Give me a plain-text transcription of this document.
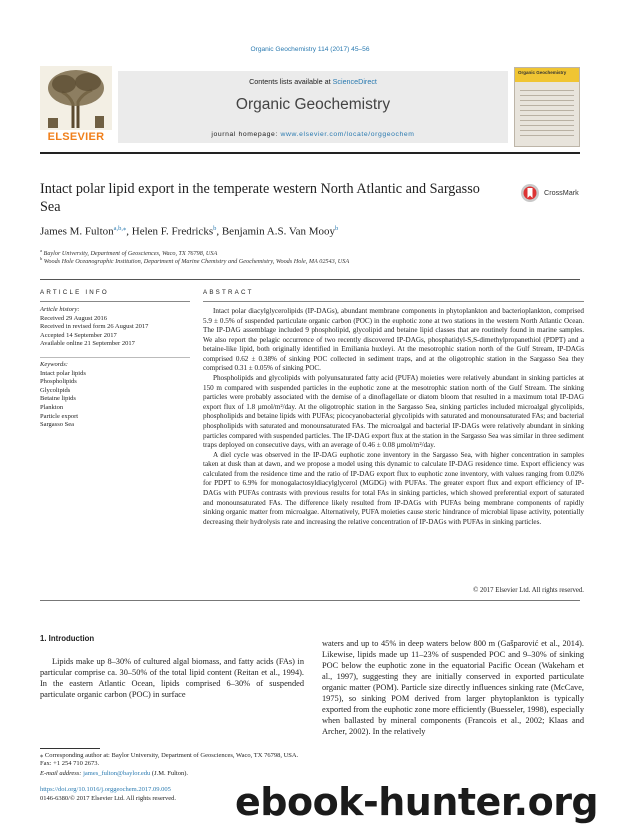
Organic Geochemistry 114 (2017) 45–56
ELSEVIER
Contents lists available at ScienceDirect
Organic Geochemistry
journal homepage: www.elsevier.com/locate/orggeochem
Organic Geochemistry
Intact polar lipid export in the temperate western North Atlantic and Sargasso Sea
CrossMark
James M. Fulton$^{a,b,⁎}$, Helen F. Fredricks$^b$, Benjamin A.S. Van Mooy$^b$
$^a$ Baylor University, Department of Geosciences, Waco, TX 76798, USA
$^b$ Woods Hole Oceanographic Institution, Department of Marine Chemistry and Geochemistry, Woods Hole, MA 02543, USA
ARTICLE INFO
Article history:
Received 29 August 2016
Received in revised form 26 August 2017
Accepted 14 September 2017
Available online 21 September 2017
Keywords:
Intact polar lipids
Phospholipids
Glycolipids
Betaine lipids
Plankton
Particle export
Sargasso Sea
ABSTRACT

Intact polar diacylglycerolipids (IP-DAGs), abundant membrane components in phytoplankton and bacterioplankton, comprised 5.9 ± 0.5% of suspended particulate organic carbon (POC) in the euphotic zone at two stations in the western North Atlantic Ocean. The IP-DAG assemblage included 9 phospholipid, glycolipid and betaine lipid classes that are routinely found in marine samples. We also report the pelagic occurrence of two recently discovered IP-DAGs, phosphatidyl-S,S-dimethylpropanethiol (PDPT) and a betaine-like lipid, both originally identified in Emiliania huxleyi. At the mesotrophic station north of the Gulf Stream, IP-DAGs comprised 0.62 ± 0.38% of sinking POC collected in sediment traps, and at the oligotrophic station in the Sargasso Sea they comprised 0.31 ± 0.05% of sinking POC.

Phospholipids and glycolipids with polyunsaturated fatty acid (PUFA) moieties were relatively abundant in sinking particles at 150 m compared with suspended particles in the euphotic zone at the mesotrophic station north of the Gulf Stream. The sinking particles were probably associated with the demise of a dinoflagellate or diatom bloom that resulted in a maximum total IP-DAG export flux of 1.8 µmol/m²/day. At the oligotrophic station in the Sargasso Sea, sinking particles included microalgal glycolipids, phospholipids and betaine lipids with PUFAs; picocyanobacterial glycolipids with saturated and monounsaturated FAs; and bacterial phospholipids with saturated and monounsaturated FAs. The microalgal and bacterial IP-DAGs were relatively abundant in sinking particles compared with suspended particles. The IP-DAG export flux at the station in the Sargasso Sea was similar in three sediment traps deployed on consecutive days, with an average of 0.46 ± 0.08 µmol/m²/day.

A diel cycle was observed in the IP-DAG euphotic zone inventory in the Sargasso Sea, with higher concentration in samples taken at dusk than at dawn, and we propose a model using this dynamic to calculate IP-DAG residence time. Export efficiency was calculated from the residence time and the ratio of IP-DAG export flux to euphotic zone inventory, with values ranging from 0.02% for PDPT to 6.9% for monogalactosyldiacylglycerol (MGDG) with PUFAs. The greater export flux and export efficiency of IP-DAGs with PUFAs contrasts with previous results for total FAs in sinking particles, which showed preferential export of saturated and monounsaturated FAs. The difference likely resulted from IP-DAGs with PUFAs being membrane components of rapidly sinking organic matter from microalgae. Alternatively, PUFA moieties cause steric hindrance of microbial lipase activity, potentially decreasing their hydrolysis rate and increasing the relative concentration of IP-DAGs with PUFAs in sinking particles.

© 2017 Elsevier Ltd. All rights reserved.
1. Introduction

Lipids make up 8–30% of cultured algal biomass, and fatty acids (FAs) in particular comprise ca. 30–50% of the total lipid content (Reitan et al., 1994). In the eastern Atlantic Ocean, lipids comprised 6–30% of suspended particulate organic carbon (POC) in surface

waters and up to 45% in deep waters below 800 m (Gašparović et al., 2014). Likewise, lipids made up 11–23% of suspended POC and 9–30% of sinking POC below the euphotic zone in the equatorial Pacific Ocean (Wakeham et al., 1997), suggesting they are initially conserved in exported particulate organic matter (POM). Particle size directly influences sinking rate (McCave, 1975), so sinking POM derived from larger phytoplankton is typically exported from the euphotic zone more efficiently (Buesseler, 1998), especially when ballasted by mineral components (Francois et al., 2002; Klaas and Archer, 2002). In the relatively

⁎ Corresponding author at: Baylor University, Department of Geosciences, Waco, TX 76798, USA. Fax: +1 254 710 2673.
E-mail address: james_fulton@baylor.edu (J.M. Fulton).
https://doi.org/10.1016/j.orggeochem.2017.09.005
0146-6380/© 2017 Elsevier Ltd. All rights reserved.	ebook-hunter.org
